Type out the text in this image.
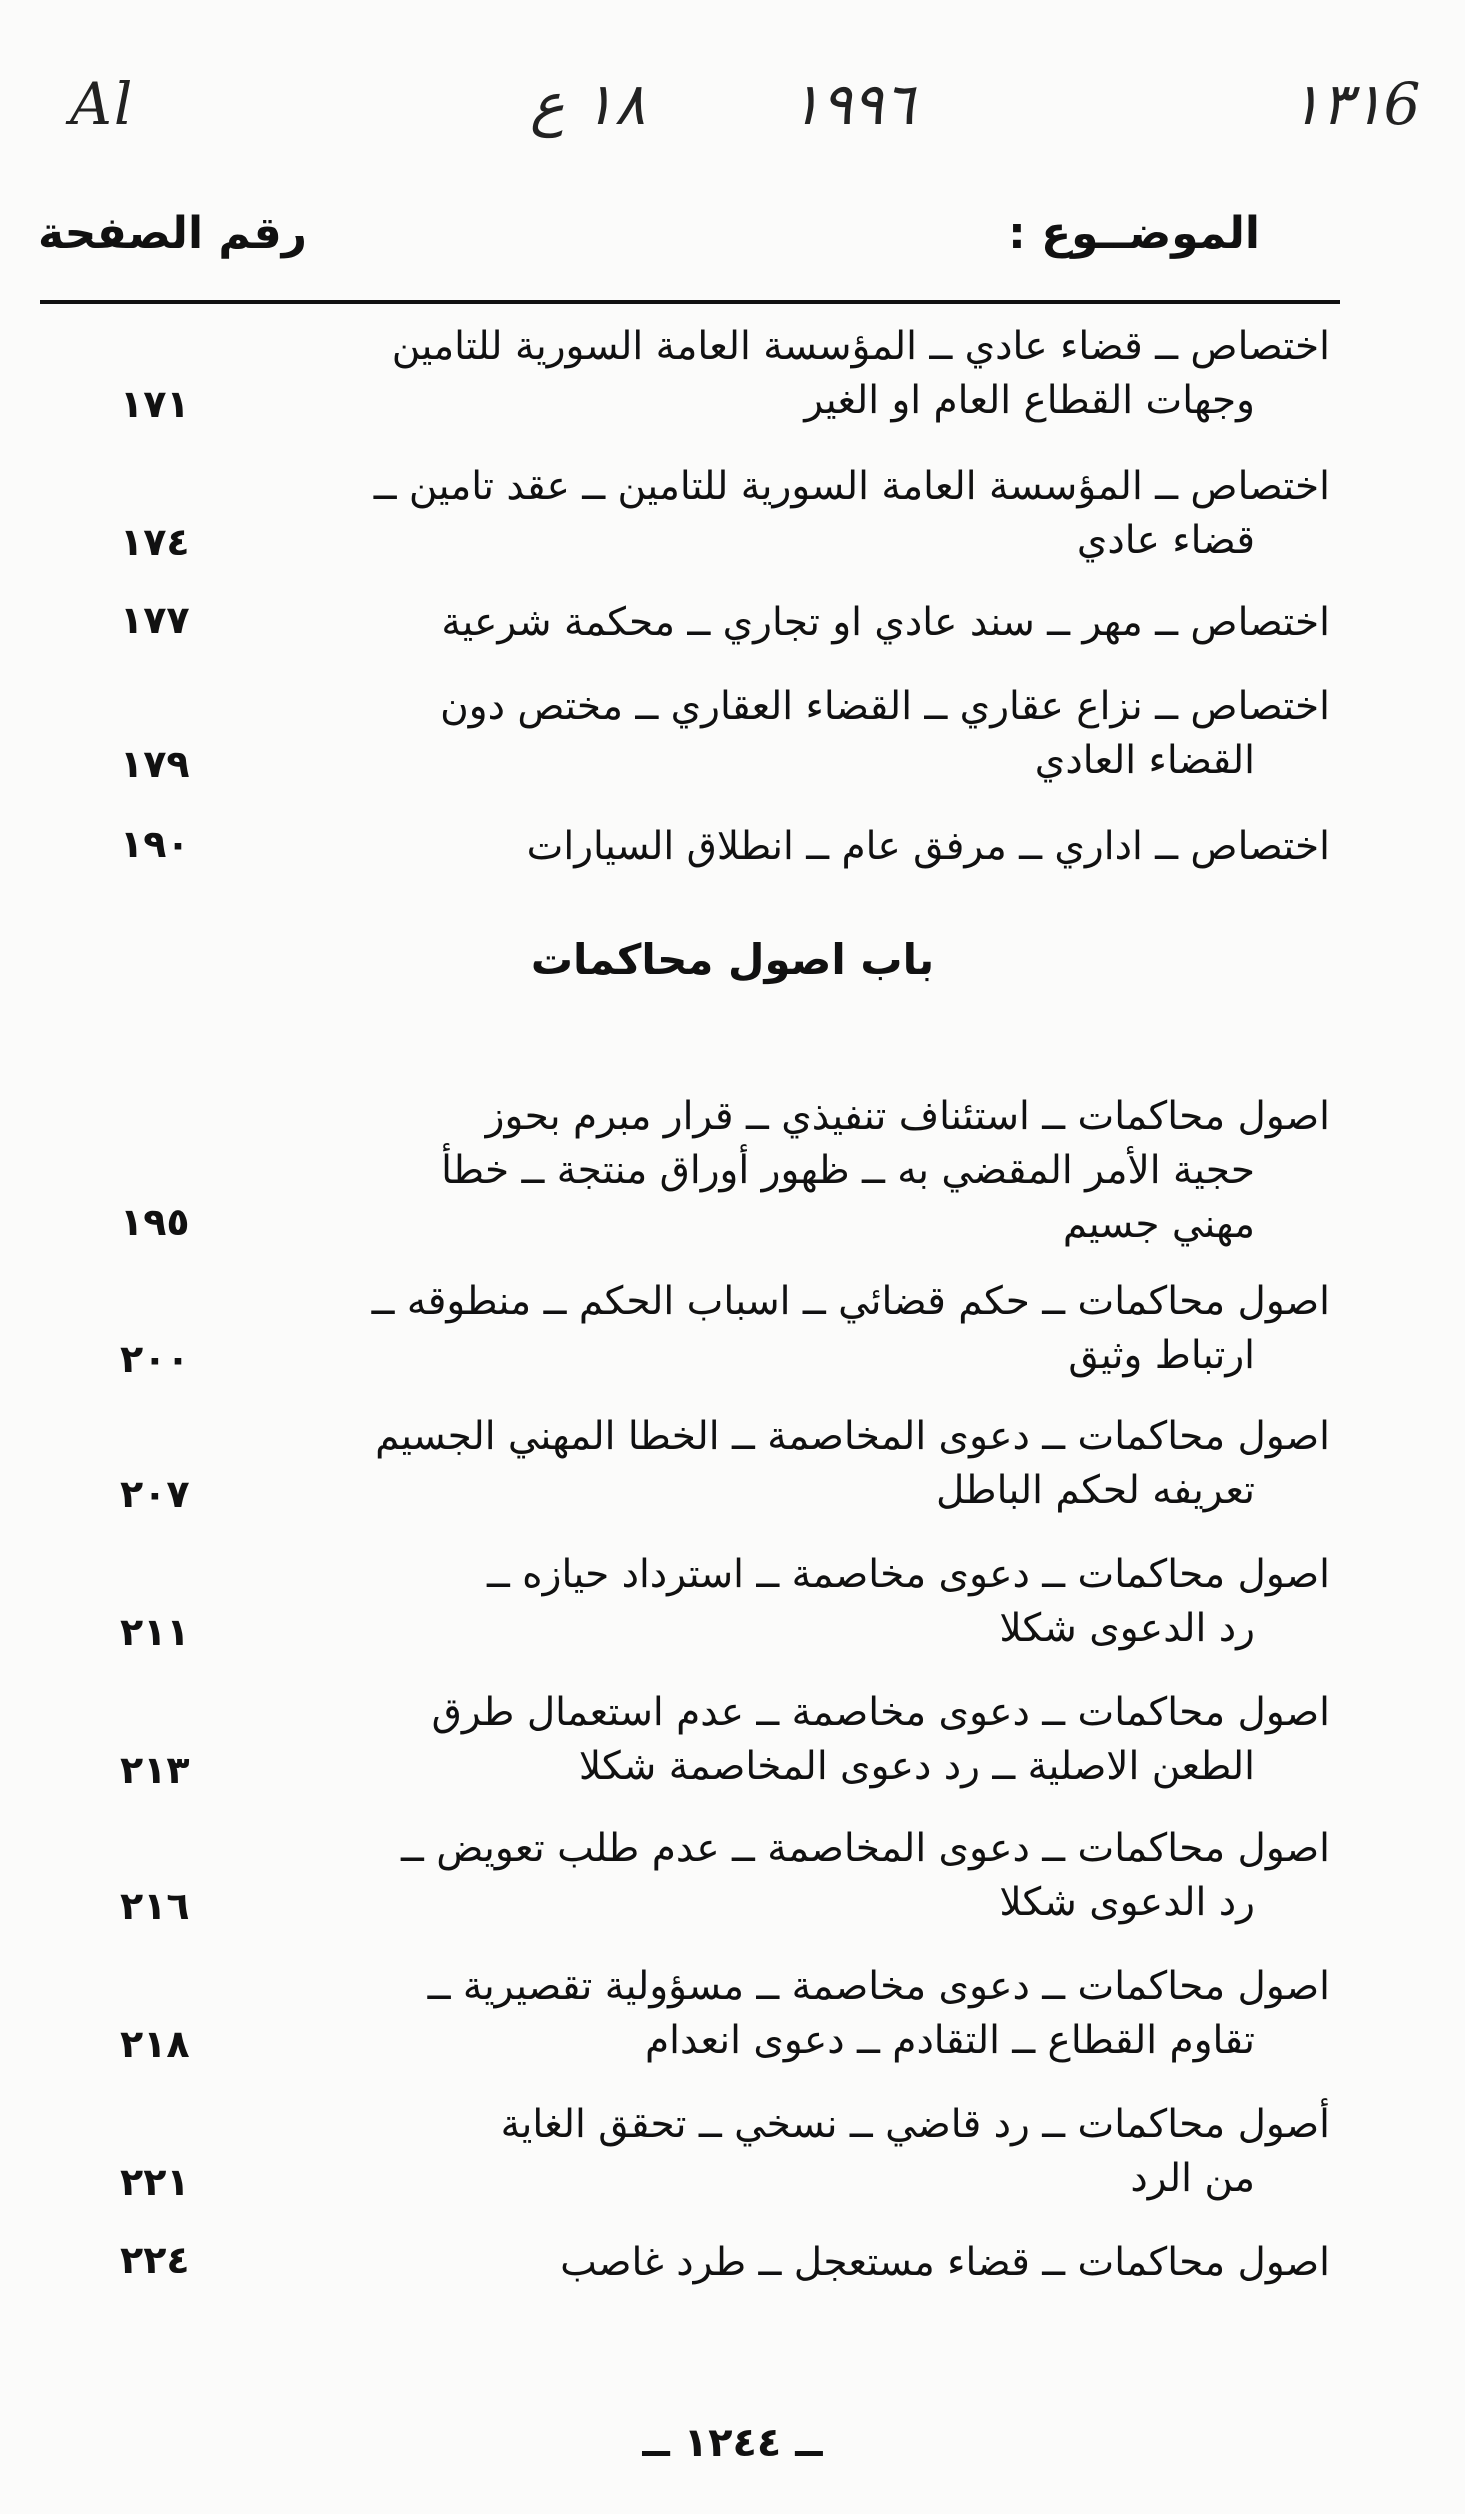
Al	١٨ ع ١٩٩٦	١٣١6
الموضــوع :
رقم الصفحة
اختصاص ــ قضاء عادي ــ المؤسسة العامة السورية للتامين
وجهات القطاع العام او الغير
١٧١
اختصاص ــ المؤسسة العامة السورية للتامين ــ عقد تامين ــ
قضاء عادي
١٧٤
اختصاص ــ مهر ــ سند عادي او تجاري ــ محكمة شرعية
١٧٧
اختصاص ــ نزاع عقاري ــ القضاء العقاري ــ مختص دون
القضاء العادي
١٧٩
اختصاص ــ اداري ــ مرفق عام ــ انطلاق السيارات
١٩٠
باب اصول محاكمات
اصول محاكمات ــ استئناف تنفيذي ــ قرار مبرم بحوز
حجية الأمر المقضي به ــ ظهور أوراق منتجة ــ خطأ
مهني جسيم
١٩٥
اصول محاكمات ــ حكم قضائي ــ اسباب الحكم ــ منطوقه ــ
ارتباط وثيق
٢٠٠
اصول محاكمات ــ دعوى المخاصمة ــ الخطا المهني الجسيم
تعريفه لحكم الباطل
٢٠٧
اصول محاكمات ــ دعوى مخاصمة ــ استرداد حيازه ــ
رد الدعوى شكلا
٢١١
اصول محاكمات ــ دعوى مخاصمة ــ عدم استعمال طرق
الطعن الاصلية ــ رد دعوى المخاصمة شكلا
٢١٣
اصول محاكمات ــ دعوى المخاصمة ــ عدم طلب تعويض ــ
رد الدعوى شكلا
٢١٦
اصول محاكمات ــ دعوى مخاصمة ــ مسؤولية تقصيرية ــ
تقاوم القطاع ــ التقادم ــ دعوى انعدام
٢١٨
أصول محاكمات ــ رد قاضي ــ نسخي ــ تحقق الغاية
من الرد
٢٢١
اصول محاكمات ــ قضاء مستعجل ــ طرد غاصب
٢٢٤
ــ ١٢٤٤ ــ
